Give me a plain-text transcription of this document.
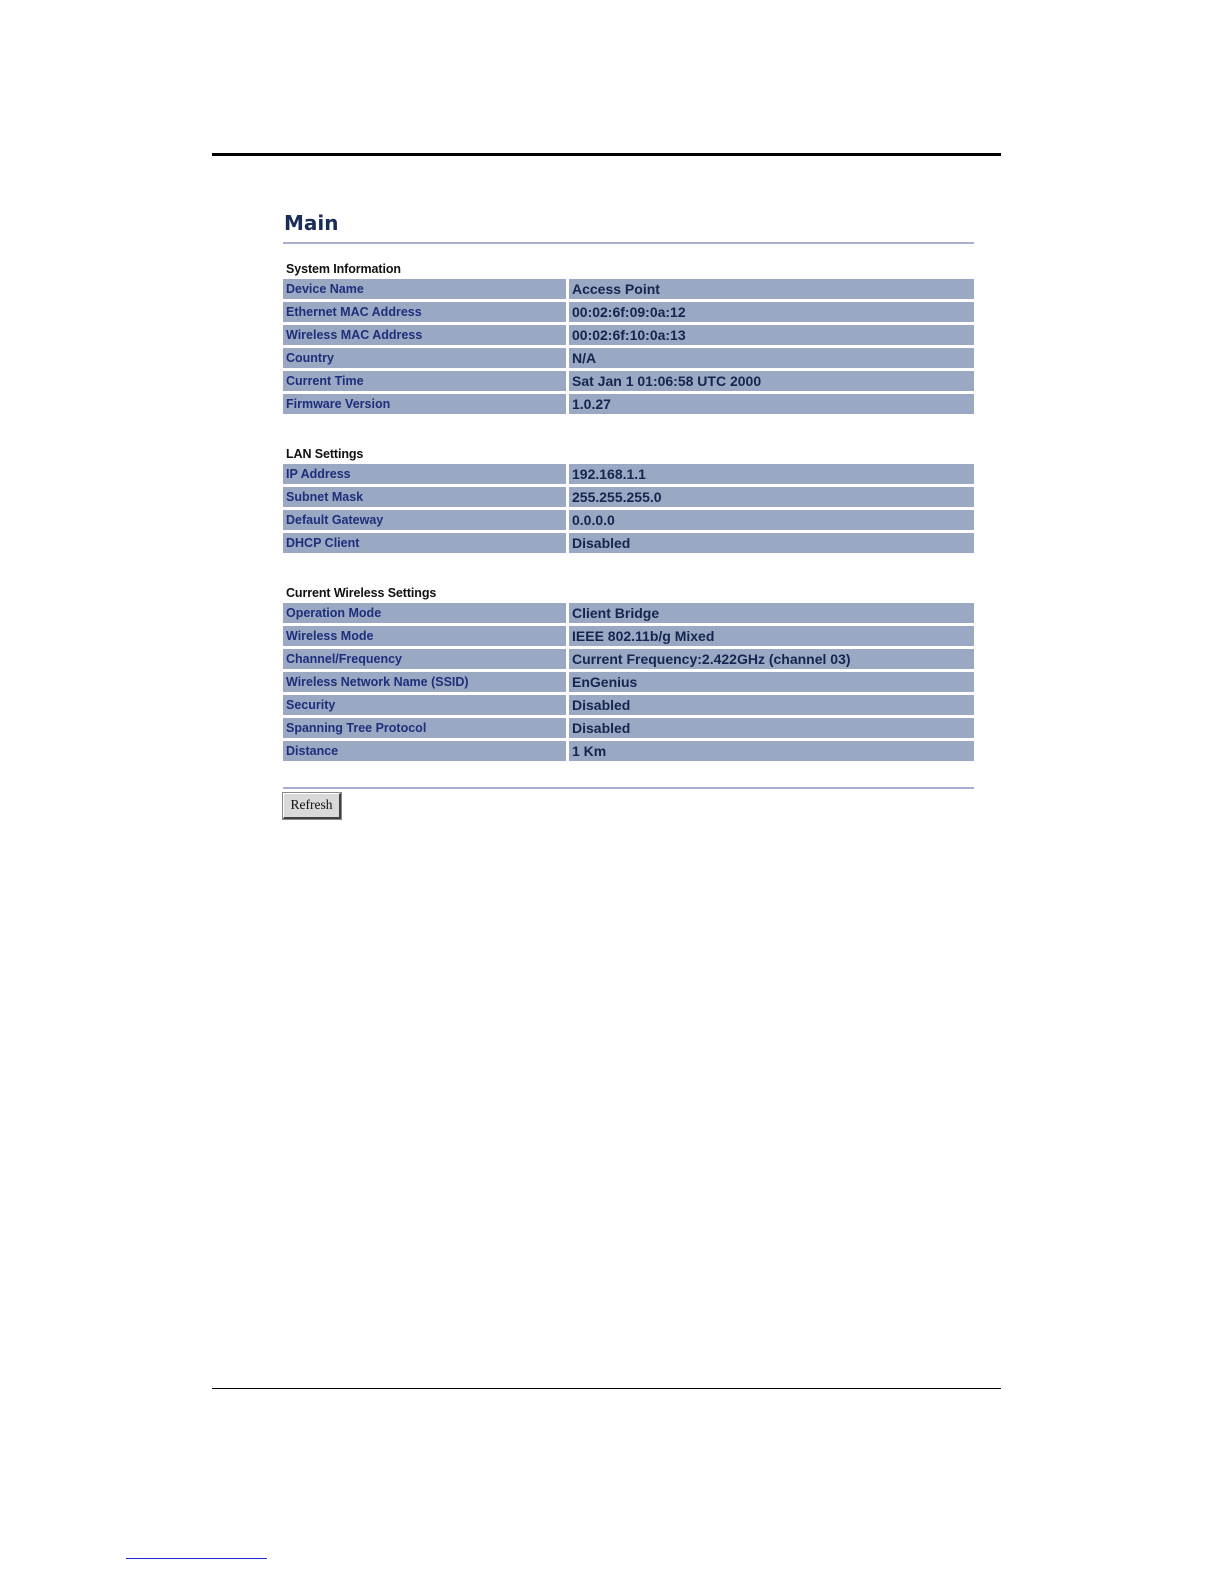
Main
System Information
Device Name	Access Point
Ethernet MAC Address	00:02:6f:09:0a:12
Wireless MAC Address	00:02:6f:10:0a:13
Country	N/A
Current Time	Sat Jan 1 01:06:58 UTC 2000
Firmware Version	1.0.27
LAN Settings
IP Address	192.168.1.1
Subnet Mask	255.255.255.0
Default Gateway	0.0.0.0
DHCP Client	Disabled
Current Wireless Settings
Operation Mode	Client Bridge
Wireless Mode	IEEE 802.11b/g Mixed
Channel/Frequency	Current Frequency:2.422GHz (channel 03)
Wireless Network Name (SSID)	EnGenius
Security	Disabled
Spanning Tree Protocol	Disabled
Distance	1 Km
Refresh
